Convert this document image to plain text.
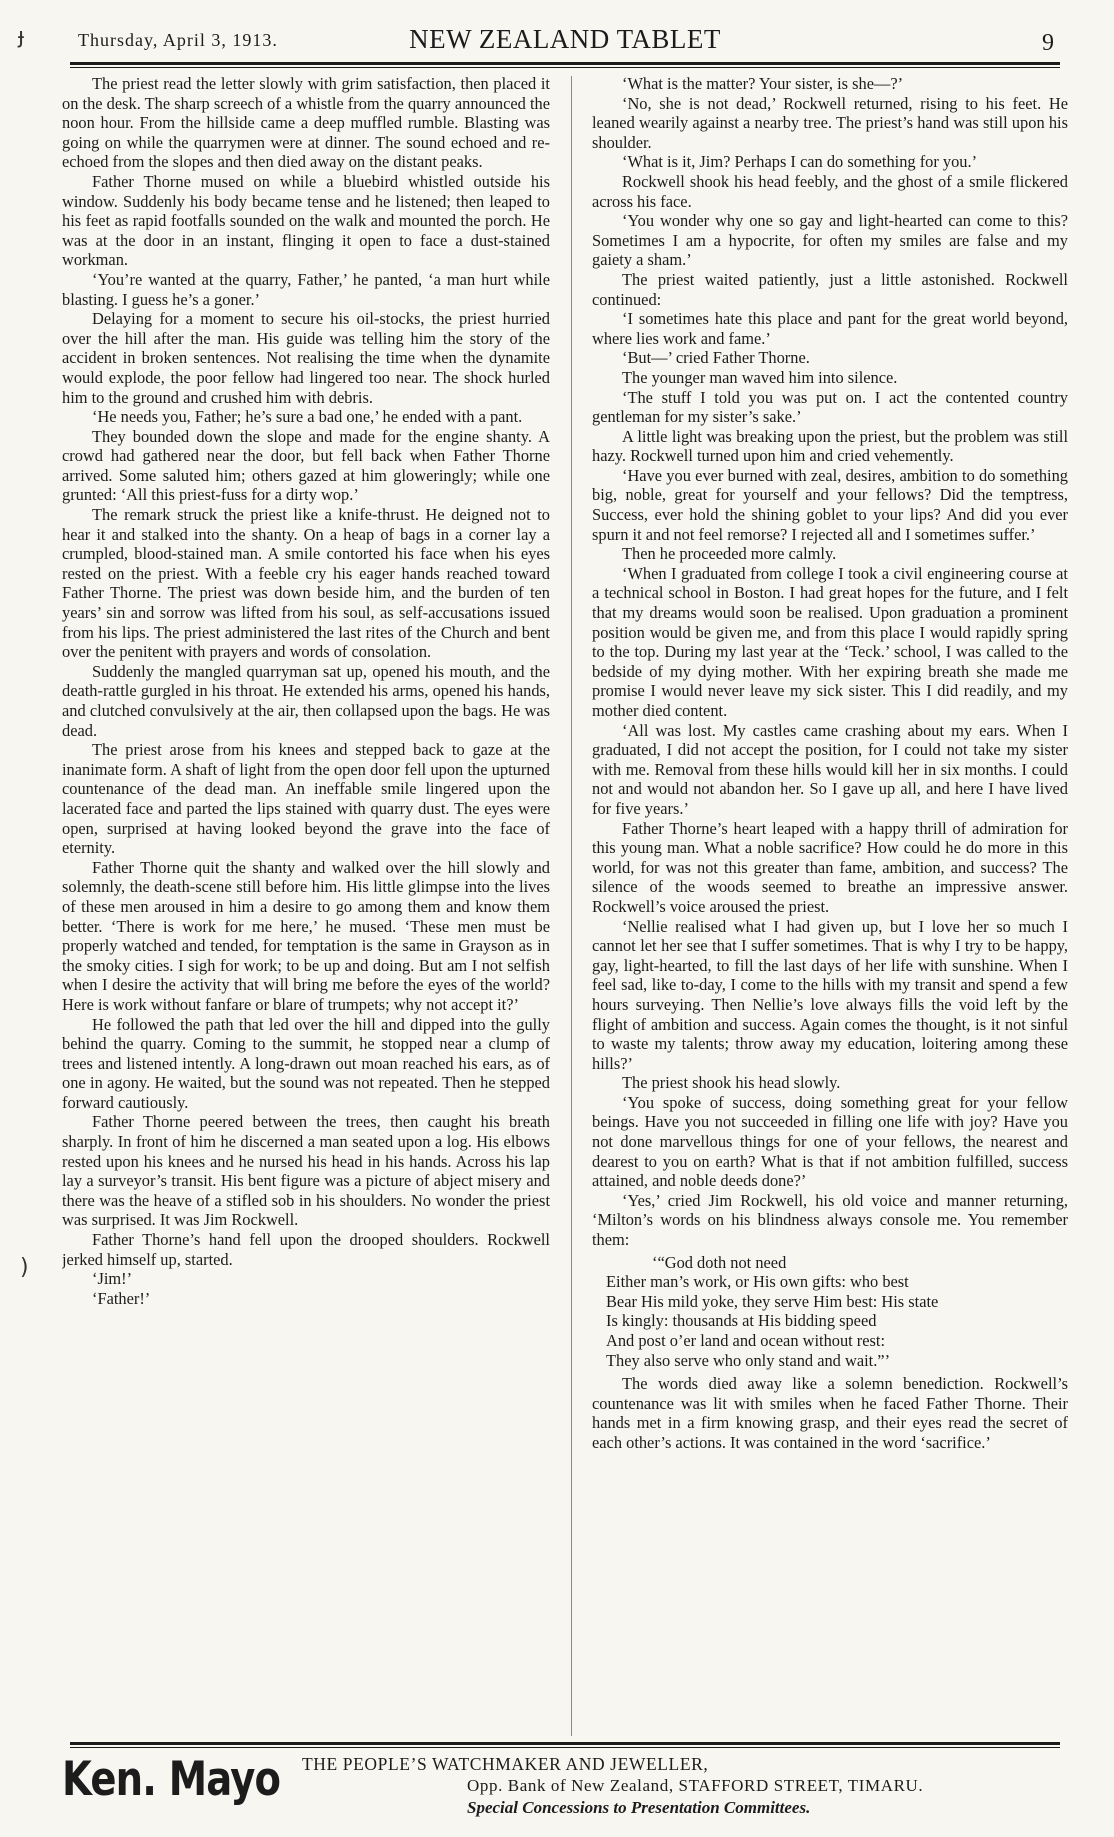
Thursday, April 3, 1913.	NEW ZEALAND TABLET	9
ɟ
)

The priest read the letter slowly with grim satisfaction, then placed it on the desk. The sharp screech of a whistle from the quarry announced the noon hour. From the hillside came a deep muffled rumble. Blasting was going on while the quarrymen were at dinner. The sound echoed and re-echoed from the slopes and then died away on the distant peaks.

Father Thorne mused on while a bluebird whistled outside his window. Suddenly his body became tense and he listened; then leaped to his feet as rapid footfalls sounded on the walk and mounted the porch. He was at the door in an instant, flinging it open to face a dust-stained workman.

‘You’re wanted at the quarry, Father,’ he panted, ‘a man hurt while blasting. I guess he’s a goner.’

Delaying for a moment to secure his oil-stocks, the priest hurried over the hill after the man. His guide was telling him the story of the accident in broken sentences. Not realising the time when the dynamite would explode, the poor fellow had lingered too near. The shock hurled him to the ground and crushed him with debris.

‘He needs you, Father; he’s sure a bad one,’ he ended with a pant.

They bounded down the slope and made for the engine shanty. A crowd had gathered near the door, but fell back when Father Thorne arrived. Some saluted him; others gazed at him gloweringly; while one grunted: ‘All this priest-fuss for a dirty wop.’

The remark struck the priest like a knife-thrust. He deigned not to hear it and stalked into the shanty. On a heap of bags in a corner lay a crumpled, blood-stained man. A smile contorted his face when his eyes rested on the priest. With a feeble cry his eager hands reached toward Father Thorne. The priest was down beside him, and the burden of ten years’ sin and sorrow was lifted from his soul, as self-accusations issued from his lips. The priest administered the last rites of the Church and bent over the penitent with prayers and words of consolation.

Suddenly the mangled quarryman sat up, opened his mouth, and the death-rattle gurgled in his throat. He extended his arms, opened his hands, and clutched convulsively at the air, then collapsed upon the bags. He was dead.

The priest arose from his knees and stepped back to gaze at the inanimate form. A shaft of light from the open door fell upon the upturned countenance of the dead man. An ineffable smile lingered upon the lacerated face and parted the lips stained with quarry dust. The eyes were open, surprised at having looked beyond the grave into the face of eternity.

Father Thorne quit the shanty and walked over the hill slowly and solemnly, the death-scene still before him. His little glimpse into the lives of these men aroused in him a desire to go among them and know them better. ‘There is work for me here,’ he mused. ‘These men must be properly watched and tended, for temptation is the same in Grayson as in the smoky cities. I sigh for work; to be up and doing. But am I not selfish when I desire the activity that will bring me before the eyes of the world? Here is work without fanfare or blare of trumpets; why not accept it?’

He followed the path that led over the hill and dipped into the gully behind the quarry. Coming to the summit, he stopped near a clump of trees and listened intently. A long-drawn out moan reached his ears, as of one in agony. He waited, but the sound was not repeated. Then he stepped forward cautiously.

Father Thorne peered between the trees, then caught his breath sharply. In front of him he discerned a man seated upon a log. His elbows rested upon his knees and he nursed his head in his hands. Across his lap lay a surveyor’s transit. His bent figure was a picture of abject misery and there was the heave of a stifled sob in his shoulders. No wonder the priest was surprised. It was Jim Rockwell.

Father Thorne’s hand fell upon the drooped shoulders. Rockwell jerked himself up, started.

‘Jim!’

‘Father!’

‘What is the matter? Your sister, is she—?’

‘No, she is not dead,’ Rockwell returned, rising to his feet. He leaned wearily against a nearby tree. The priest’s hand was still upon his shoulder.

‘What is it, Jim? Perhaps I can do something for you.’

Rockwell shook his head feebly, and the ghost of a smile flickered across his face.

‘You wonder why one so gay and light-hearted can come to this? Sometimes I am a hypocrite, for often my smiles are false and my gaiety a sham.’

The priest waited patiently, just a little astonished. Rockwell continued:

‘I sometimes hate this place and pant for the great world beyond, where lies work and fame.’

‘But—’ cried Father Thorne.

The younger man waved him into silence.

‘The stuff I told you was put on. I act the contented country gentleman for my sister’s sake.’

A little light was breaking upon the priest, but the problem was still hazy. Rockwell turned upon him and cried vehemently.

‘Have you ever burned with zeal, desires, ambition to do something big, noble, great for yourself and your fellows? Did the temptress, Success, ever hold the shining goblet to your lips? And did you ever spurn it and not feel remorse? I rejected all and I sometimes suffer.’

Then he proceeded more calmly.

‘When I graduated from college I took a civil engineering course at a technical school in Boston. I had great hopes for the future, and I felt that my dreams would soon be realised. Upon graduation a prominent position would be given me, and from this place I would rapidly spring to the top. During my last year at the ‘Teck.’ school, I was called to the bedside of my dying mother. With her expiring breath she made me promise I would never leave my sick sister. This I did readily, and my mother died content.

‘All was lost. My castles came crashing about my ears. When I graduated, I did not accept the position, for I could not take my sister with me. Removal from these hills would kill her in six months. I could not and would not abandon her. So I gave up all, and here I have lived for five years.’

Father Thorne’s heart leaped with a happy thrill of admiration for this young man. What a noble sacrifice? How could he do more in this world, for was not this greater than fame, ambition, and success? The silence of the woods seemed to breathe an impressive answer. Rockwell’s voice aroused the priest.

‘Nellie realised what I had given up, but I love her so much I cannot let her see that I suffer sometimes. That is why I try to be happy, gay, light-hearted, to fill the last days of her life with sunshine. When I feel sad, like to-day, I come to the hills with my transit and spend a few hours surveying. Then Nellie’s love always fills the void left by the flight of ambition and success. Again comes the thought, is it not sinful to waste my talents; throw away my education, loitering among these hills?’

The priest shook his head slowly.

‘You spoke of success, doing something great for your fellow beings. Have you not succeeded in filling one life with joy? Have you not done marvellous things for one of your fellows, the nearest and dearest to you on earth? What is that if not ambition fulfilled, success attained, and noble deeds done?’

‘Yes,’ cried Jim Rockwell, his old voice and manner returning, ‘Milton’s words on his blindness always console me. You remember them:

‘“God doth not need
Either man’s work, or His own gifts: who best
Bear His mild yoke, they serve Him best: His state
Is kingly: thousands at His bidding speed
And post o’er land and ocean without rest:
They also serve who only stand and wait.”’

The words died away like a solemn benediction. Rockwell’s countenance was lit with smiles when he faced Father Thorne. Their hands met in a firm knowing grasp, and their eyes read the secret of each other’s actions. It was contained in the word ‘sacrifice.’

Ken. Mayo THE PEOPLE’S WATCHMAKER AND JEWELLER,
Opp. Bank of New Zealand, STAFFORD STREET, TIMARU.
Special Concessions to Presentation Committees.
